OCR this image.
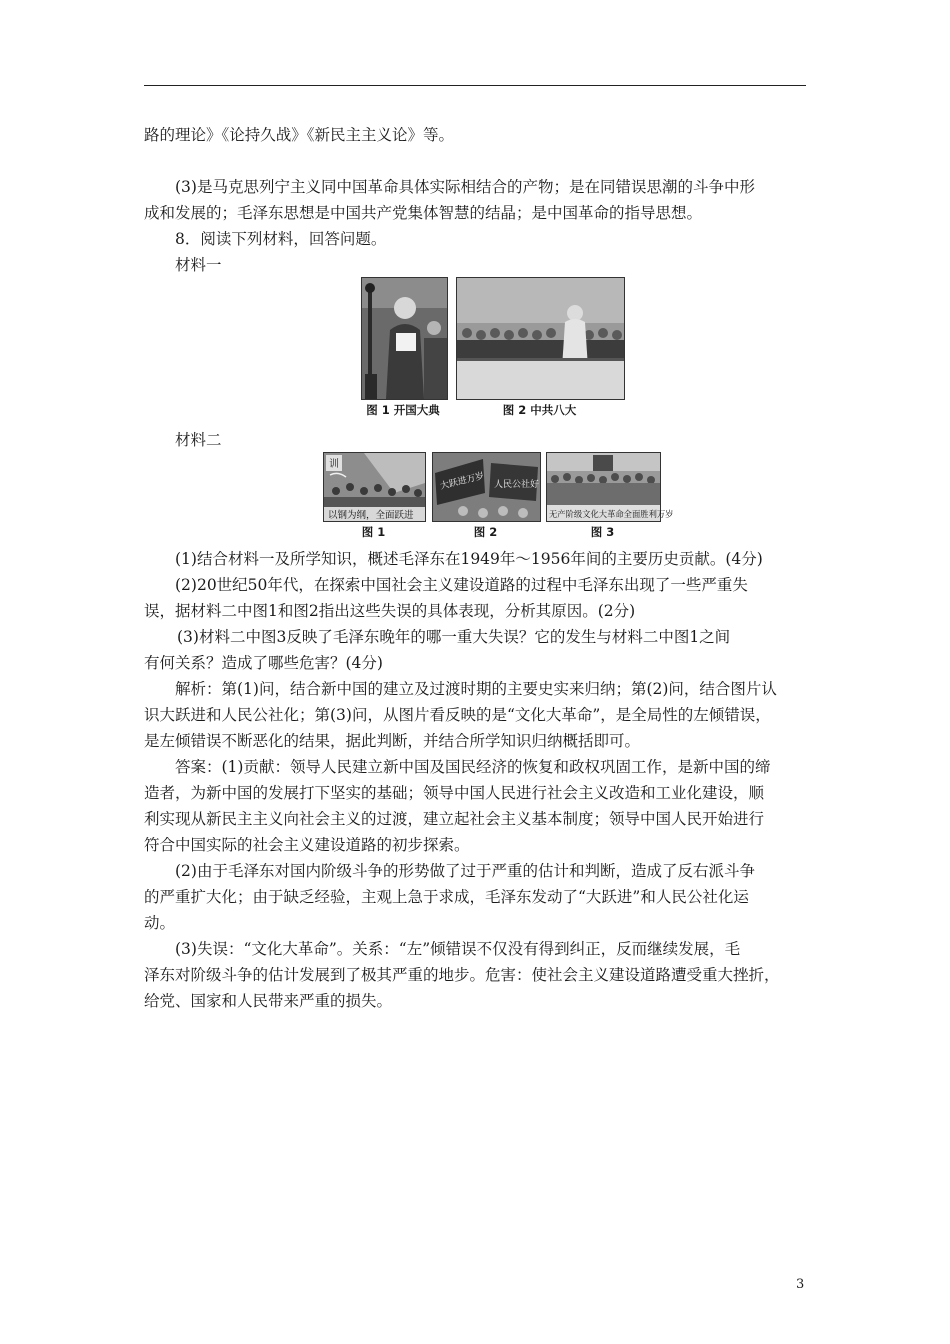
路的理论》《论持久战》《新民主主义论》等。
(3)是马克思列宁主义同中国革命具体实际相结合的产物；是在同错误思潮的斗争中形
成和发展的；毛泽东思想是中国共产党集体智慧的结晶；是中国革命的指导思想。
8．阅读下列材料，回答问题。
材料一
图 1 开国大典	图 2 中共八大
材料二
训
以钢为纲，全面跃进
图 1
大跃进万岁 人民公社好
图 2
无产阶级文化大革命全面胜利万岁
图 3
(1)结合材料一及所学知识，概述毛泽东在1949年～1956年间的主要历史贡献。(4分)
(2)20世纪50年代，在探索中国社会主义建设道路的过程中毛泽东出现了一些严重失
误，据材料二中图1和图2指出这些失误的具体表现，分析其原因。(2分)
(3)材料二中图3反映了毛泽东晚年的哪一重大失误？它的发生与材料二中图1之间
有何关系？造成了哪些危害？(4分)
解析：第(1)问，结合新中国的建立及过渡时期的主要史实来归纳；第(2)问，结合图片认
识大跃进和人民公社化；第(3)问，从图片看反映的是“文化大革命”，是全局性的左倾错误，
是左倾错误不断恶化的结果，据此判断，并结合所学知识归纳概括即可。
答案：(1)贡献：领导人民建立新中国及国民经济的恢复和政权巩固工作，是新中国的缔
造者，为新中国的发展打下坚实的基础；领导中国人民进行社会主义改造和工业化建设，顺
利实现从新民主主义向社会主义的过渡，建立起社会主义基本制度；领导中国人民开始进行
符合中国实际的社会主义建设道路的初步探索。
(2)由于毛泽东对国内阶级斗争的形势做了过于严重的估计和判断，造成了反右派斗争
的严重扩大化；由于缺乏经验，主观上急于求成，毛泽东发动了“大跃进”和人民公社化运
动。
(3)失误：“文化大革命”。关系：“左”倾错误不仅没有得到纠正，反而继续发展，毛
泽东对阶级斗争的估计发展到了极其严重的地步。危害：使社会主义建设道路遭受重大挫折，
给党、国家和人民带来严重的损失。
3
